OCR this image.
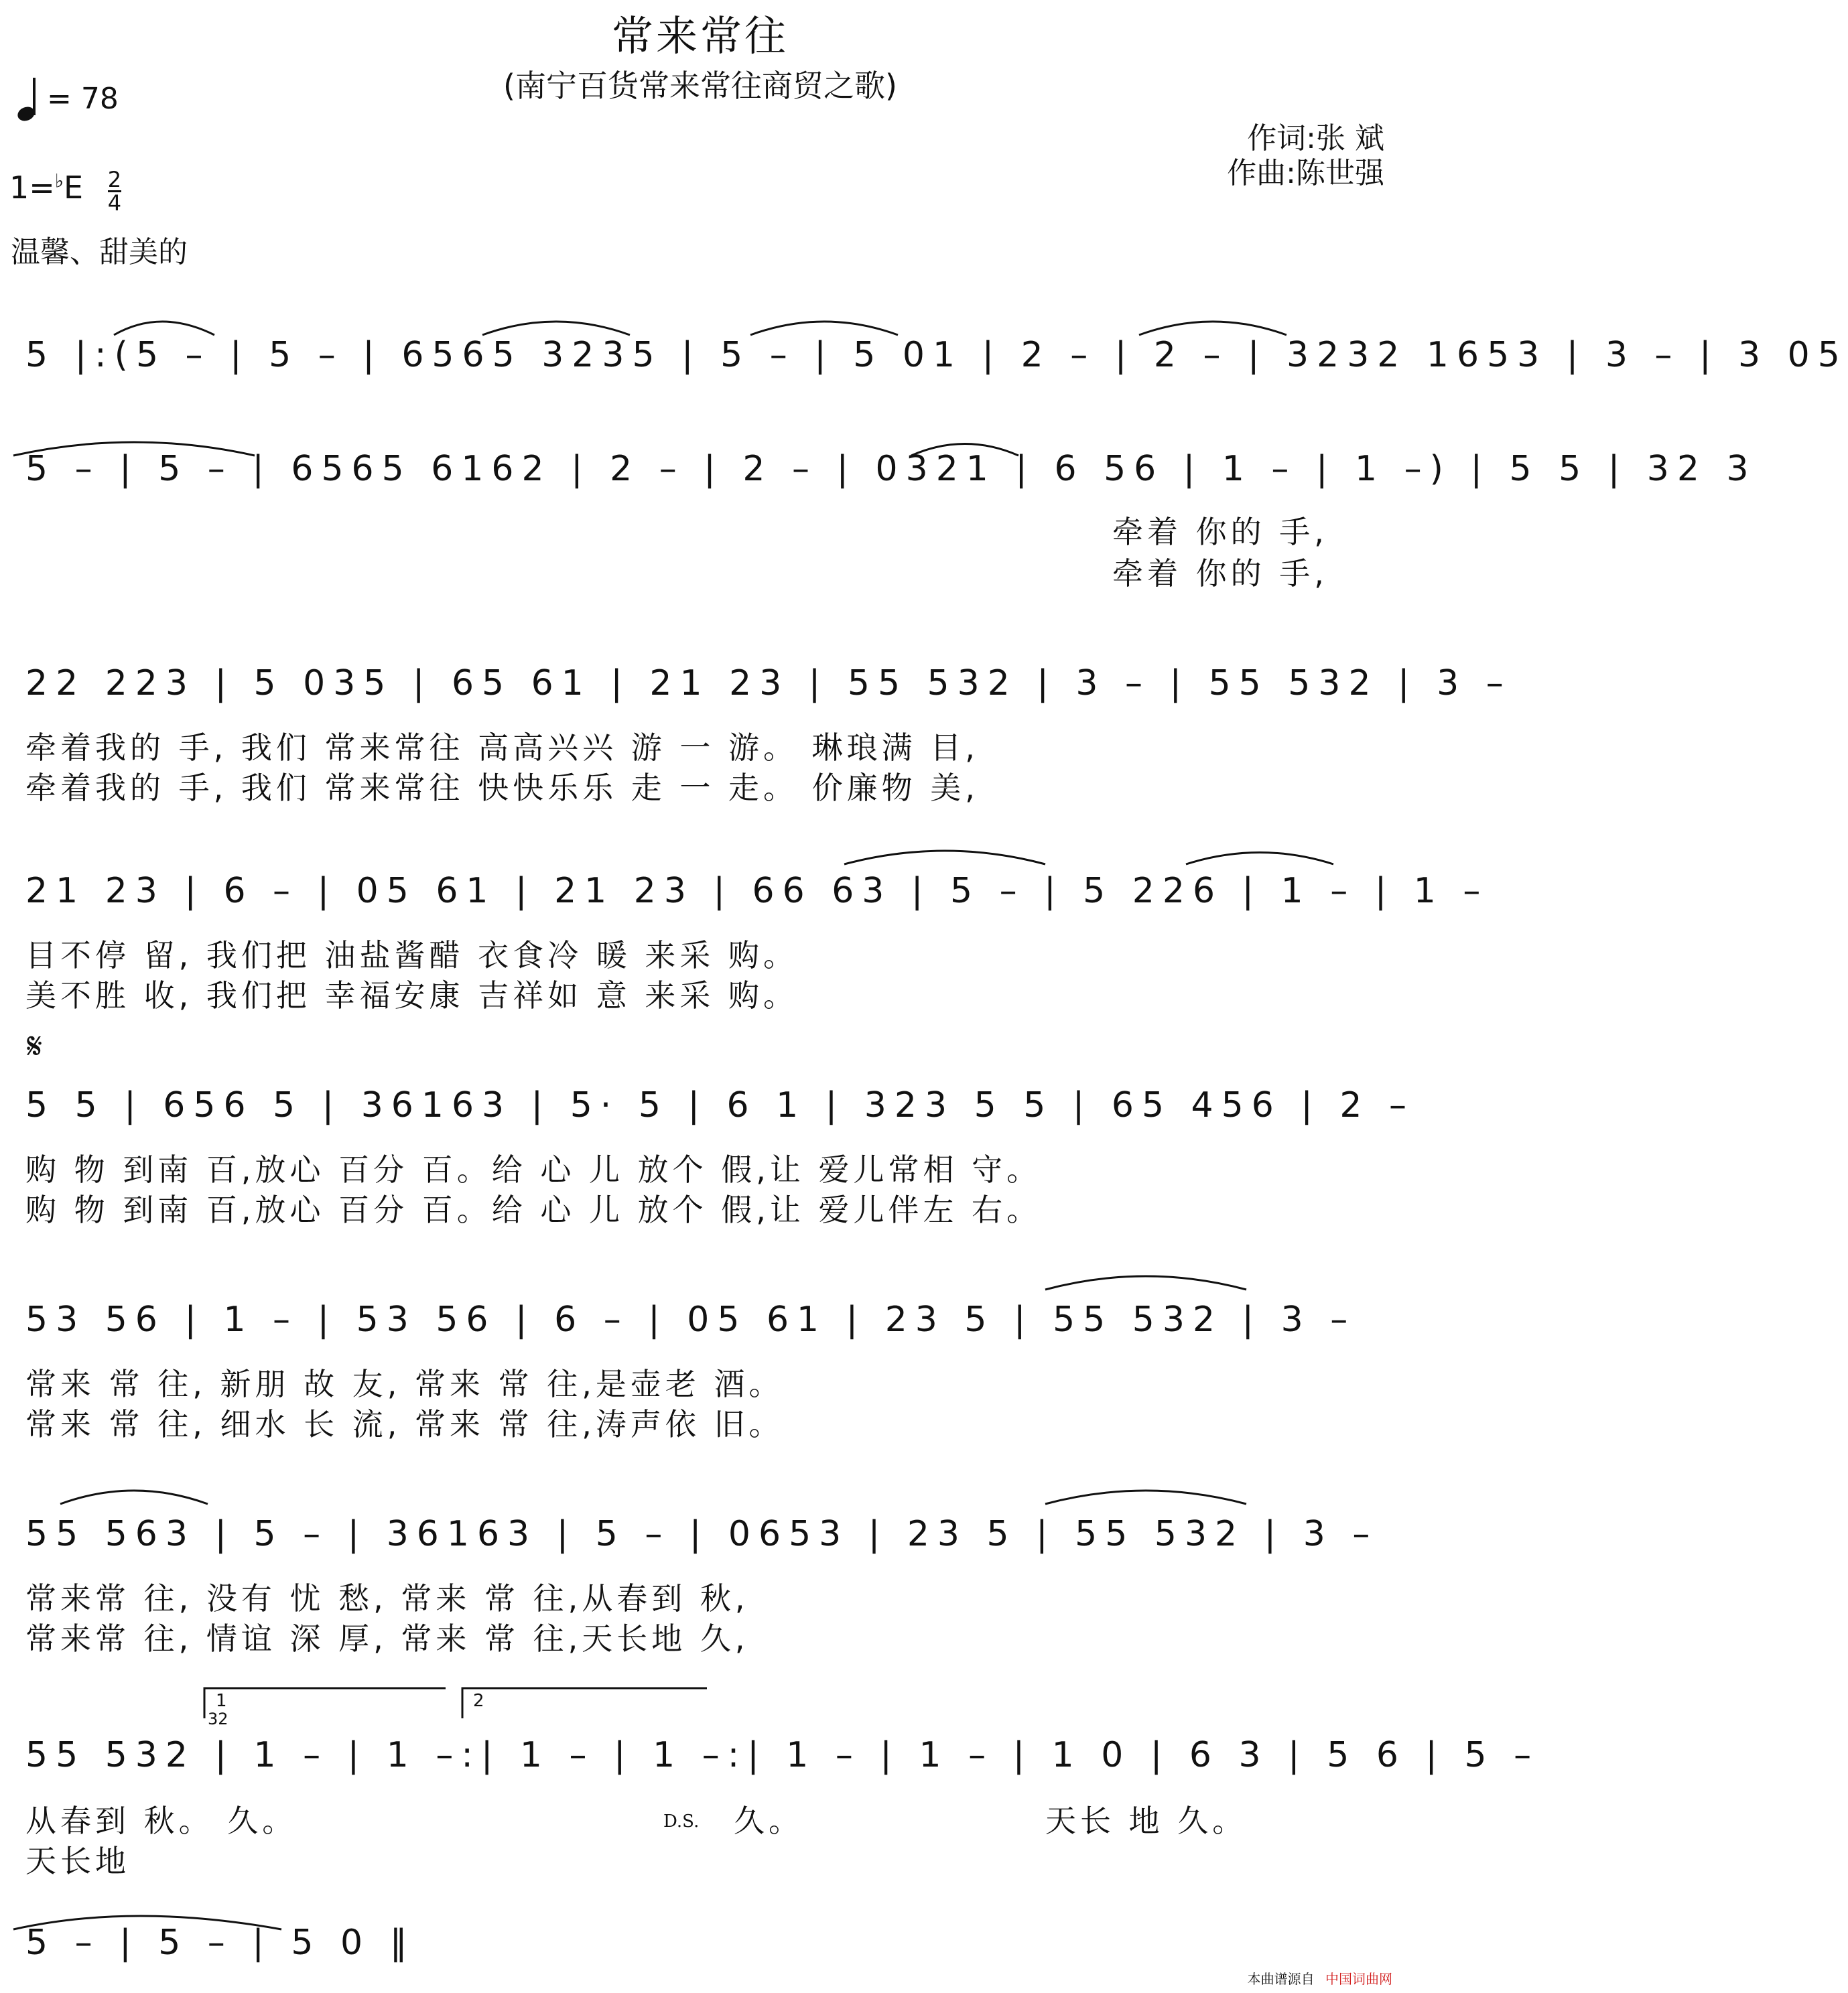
常来常往
(南宁百货常来常往商贸之歌)
= 78
$1=^♭E \frac{2}{4}$
温馨、甜美的
作词:张 斌
作曲:陈世强
5 |:(5 – | 5 – | 6565 3235 | 5 – | 5 01 | 2 – | 2 – | 3232 1653 | 3 – | 3 05
5 – | 5 – | 6565 6162 | 2 – | 2 – | 0321 | 6 56 | 1 – | 1 –) | 5 5 | 32 3
牵着 你的 手,
牵着 你的 手,
22 223 | 5 035 | 65 61 | 21 23 | 55 532 | 3 – | 55 532 | 3 –
牵着我的 手, 我们 常来常往 高高兴兴 游 一 游。 琳琅满 目,
牵着我的 手, 我们 常来常往 快快乐乐 走 一 走。 价廉物 美,
21 23 | 6 – | 05 61 | 21 23 | 66 63 | 5 – | 5 226 | 1 – | 1 –
目不停 留, 我们把 油盐酱醋 衣食冷 暖 来采 购。
美不胜 收, 我们把 幸福安康 吉祥如 意 来采 购。
𝄋
5 5 | 656 5 | 36163 | 5· 5 | 6 1 | 323 5 5 | 65 456 | 2 –
购 物 到南 百,放心 百分 百。给 心 儿 放个 假,让 爱儿常相 守。
购 物 到南 百,放心 百分 百。给 心 儿 放个 假,让 爱儿伴左 右。
53 56 | 1 – | 53 56 | 6 – | 05 61 | 23 5 | 55 532 | 3 –
常来 常 往, 新朋 故 友, 常来 常 往,是壶老 酒。
常来 常 往, 细水 长 流, 常来 常 往,涛声依 旧。
55 563 | 5 – | 36163 | 5 – | 0653 | 23 5 | 55 532 | 3 –
常来常 往, 没有 忧 愁, 常来 常 往,从春到 秋,
常来常 往, 情谊 深 厚, 常来 常 往,天长地 久,
1	2
32
55 532 | 1 – | 1 –:| 1 – | 1 –:| 1 – | 1 – | 1 0 | 6 3 | 5 6 | 5 –
从春到 秋。 久。
天长地
D.S. 久。	天长 地 久。
5 – | 5 – | 5 0 ‖
本曲谱源自 中国词曲网
